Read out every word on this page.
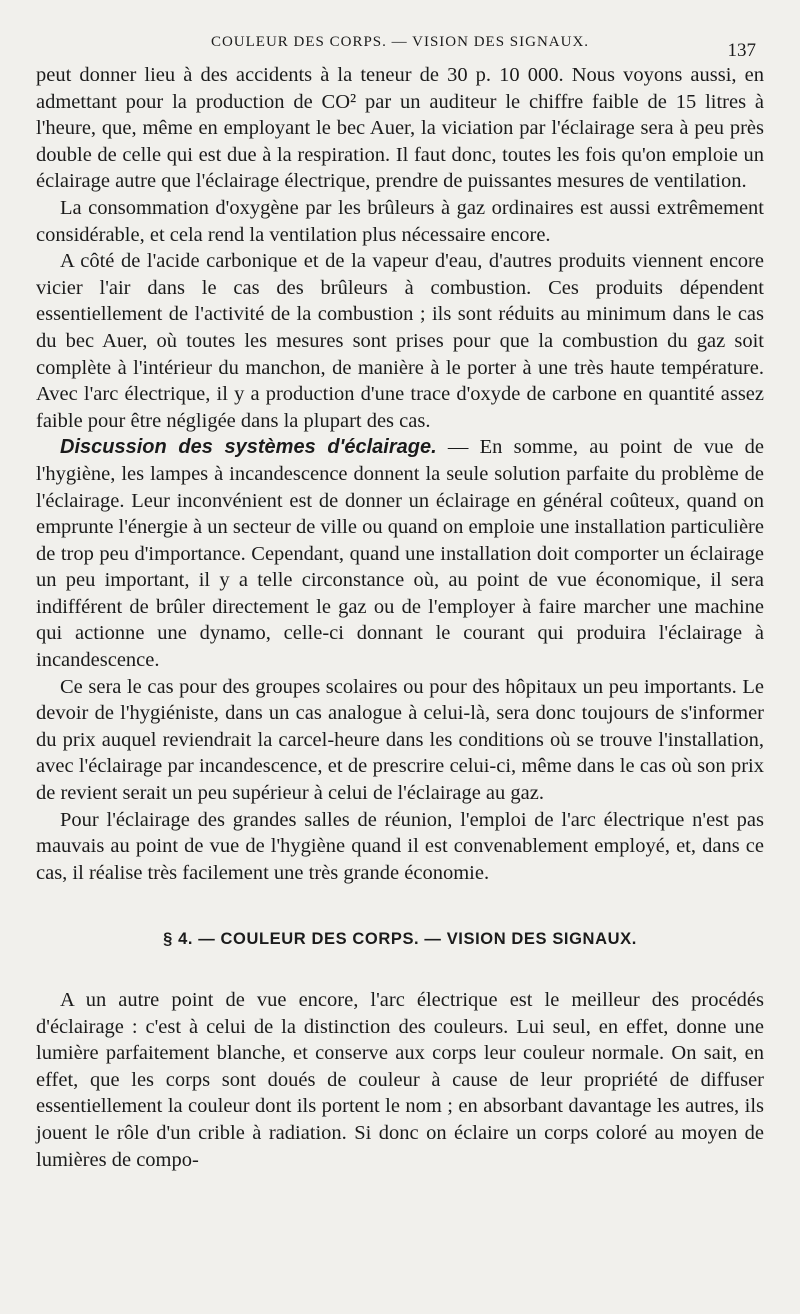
COULEUR DES CORPS. — VISION DES SIGNAUX.	137

peut donner lieu à des accidents à la teneur de 30 p. 10 000. Nous voyons aussi, en admettant pour la production de CO² par un auditeur le chiffre faible de 15 litres à l'heure, que, même en employant le bec Auer, la viciation par l'éclairage sera à peu près double de celle qui est due à la respiration. Il faut donc, toutes les fois qu'on emploie un éclairage autre que l'éclairage électrique, prendre de puissantes mesures de ventilation.

La consommation d'oxygène par les brûleurs à gaz ordinaires est aussi extrêmement considérable, et cela rend la ventilation plus nécessaire encore.

A côté de l'acide carbonique et de la vapeur d'eau, d'autres produits viennent encore vicier l'air dans le cas des brûleurs à combustion. Ces produits dépendent essentiellement de l'activité de la combustion ; ils sont réduits au minimum dans le cas du bec Auer, où toutes les mesures sont prises pour que la combustion du gaz soit complète à l'intérieur du manchon, de manière à le porter à une très haute température. Avec l'arc électrique, il y a production d'une trace d'oxyde de carbone en quantité assez faible pour être négligée dans la plupart des cas.

Discussion des systèmes d'éclairage. — En somme, au point de vue de l'hygiène, les lampes à incandescence donnent la seule solution parfaite du problème de l'éclairage. Leur inconvénient est de donner un éclairage en général coûteux, quand on emprunte l'énergie à un secteur de ville ou quand on emploie une installation particulière de trop peu d'importance. Cependant, quand une installation doit comporter un éclairage un peu important, il y a telle circonstance où, au point de vue économique, il sera indifférent de brûler directement le gaz ou de l'employer à faire marcher une machine qui actionne une dynamo, celle-ci donnant le courant qui produira l'éclairage à incandescence.

Ce sera le cas pour des groupes scolaires ou pour des hôpitaux un peu importants. Le devoir de l'hygiéniste, dans un cas analogue à celui-là, sera donc toujours de s'informer du prix auquel reviendrait la carcel-heure dans les conditions où se trouve l'installation, avec l'éclairage par incandescence, et de prescrire celui-ci, même dans le cas où son prix de revient serait un peu supérieur à celui de l'éclairage au gaz.

Pour l'éclairage des grandes salles de réunion, l'emploi de l'arc électrique n'est pas mauvais au point de vue de l'hygiène quand il est convenablement employé, et, dans ce cas, il réalise très facilement une très grande économie.

§ 4. — COULEUR DES CORPS. — VISION DES SIGNAUX.

A un autre point de vue encore, l'arc électrique est le meilleur des procédés d'éclairage : c'est à celui de la distinction des couleurs. Lui seul, en effet, donne une lumière parfaitement blanche, et conserve aux corps leur couleur normale. On sait, en effet, que les corps sont doués de couleur à cause de leur propriété de diffuser essentiellement la couleur dont ils portent le nom ; en absorbant davantage les autres, ils jouent le rôle d'un crible à radiation. Si donc on éclaire un corps coloré au moyen de lumières de compo-
